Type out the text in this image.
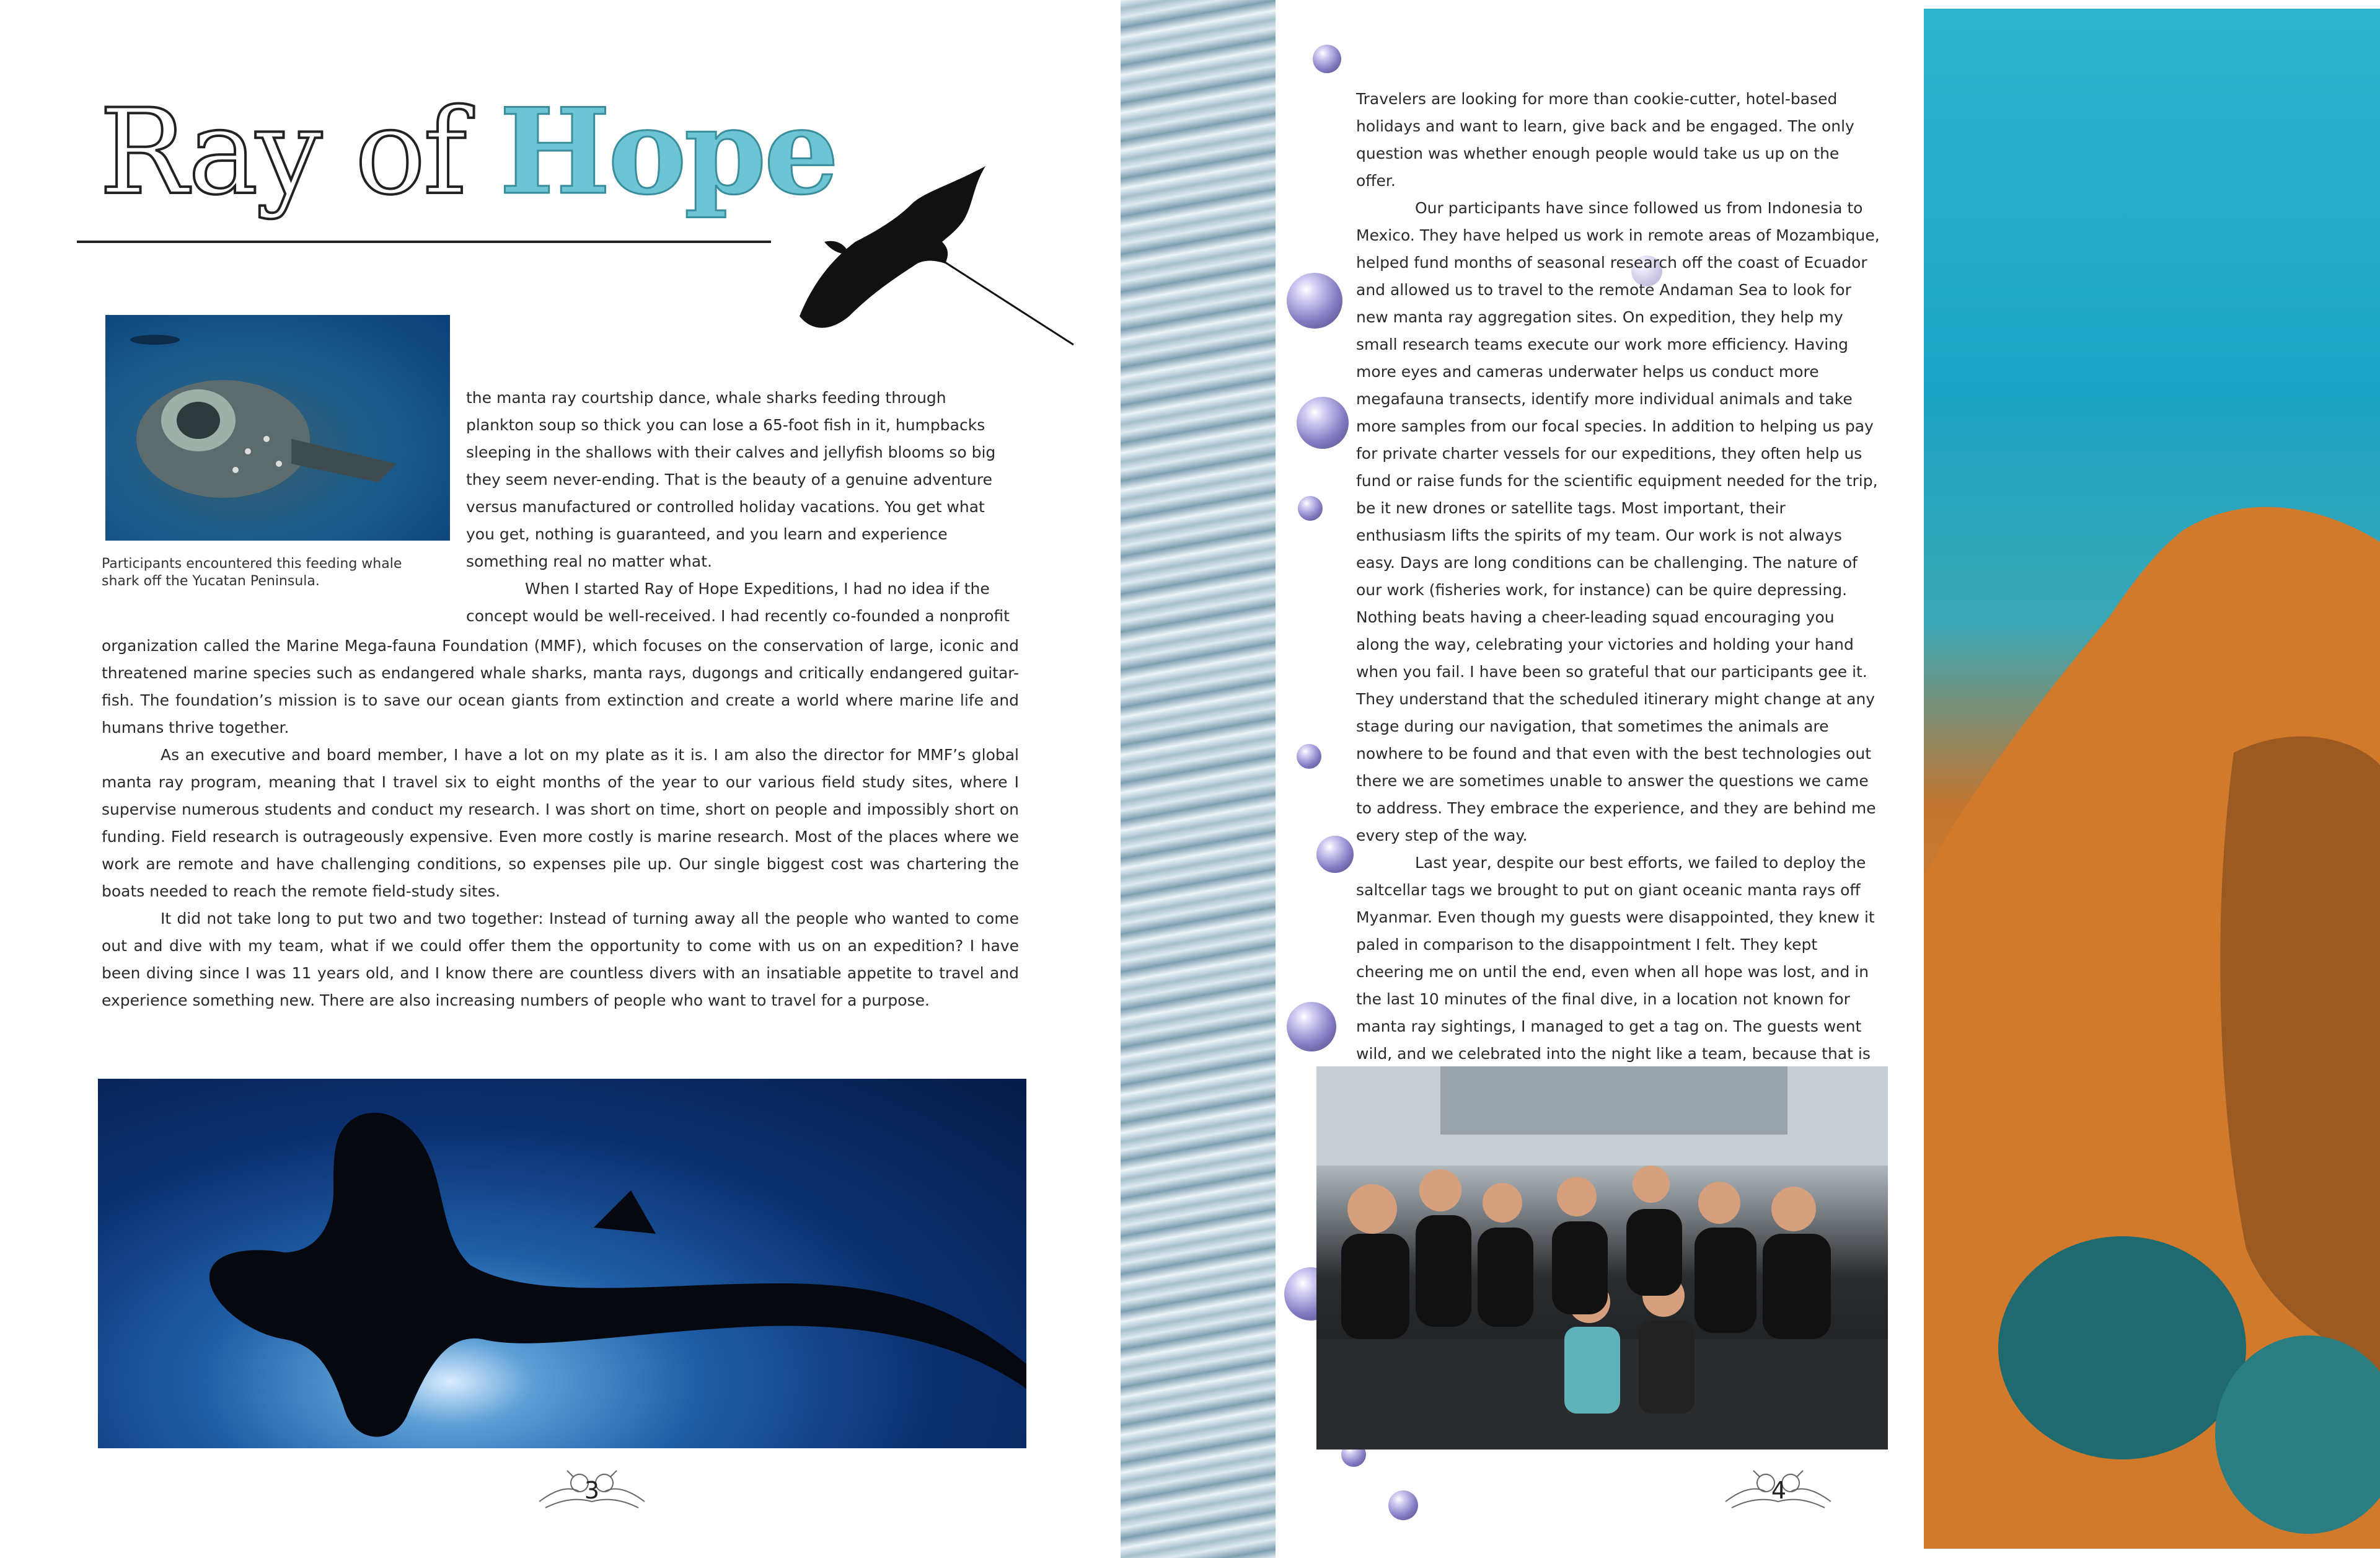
Ray of Hope
Participants encountered this feeding whale shark off the Yucatan Peninsula.

the manta ray courtship dance, whale sharks feeding through plankton soup so thick you can lose a 65-foot fish in it, humpbacks sleeping in the shallows with their calves and jellyfish blooms so big they seem never-ending. That is the beauty of a genuine adventure versus manufactured or controlled holiday vacations. You get what you get, nothing is guaranteed, and you learn and experience something real no matter what.

When I started Ray of Hope Expeditions, I had no idea if the concept would be well-received. I had recently co-founded a nonprofit

organization called the Marine Mega-fauna Foundation (MMF), which focuses on the conservation of large, iconic and threatened marine species such as endangered whale sharks, manta rays, dugongs and critically endangered guitar-fish. The foundation’s mission is to save our ocean giants from extinction and create a world where marine life and humans thrive together.

As an executive and board member, I have a lot on my plate as it is. I am also the director for MMF’s global manta ray program, meaning that I travel six to eight months of the year to our various field study sites, where I supervise numerous students and conduct my research. I was short on time, short on people and impossibly short on funding. Field research is outrageously expensive. Even more costly is marine research. Most of the places where we work are remote and have challenging conditions, so expenses pile up. Our single biggest cost was chartering the boats needed to reach the remote field-study sites.

It did not take long to put two and two together: Instead of turning away all the people who wanted to come out and dive with my team, what if we could offer them the opportunity to come with us on an expedition? I have been diving since I was 11 years old, and I know there are countless divers with an insatiable appetite to travel and experience something new. There are also increasing numbers of people who want to travel for a purpose.

3

Travelers are looking for more than cookie-cutter, hotel-based holidays and want to learn, give back and be engaged. The only question was whether enough people would take us up on the offer.

Our participants have since followed us from Indonesia to Mexico. They have helped us work in remote areas of Mozambique, helped fund months of seasonal research off the coast of Ecuador and allowed us to travel to the remote Andaman Sea to look for new manta ray aggregation sites. On expedition, they help my small research teams execute our work more efficiency. Having more eyes and cameras underwater helps us conduct more megafauna transects, identify more individual animals and take more samples from our focal species. In addition to helping us pay for private charter vessels for our expeditions, they often help us fund or raise funds for the scientific equipment needed for the trip, be it new drones or satellite tags. Most important, their enthusiasm lifts the spirits of my team. Our work is not always easy. Days are long conditions can be challenging. The nature of our work (fisheries work, for instance) can be quire depressing. Nothing beats having a cheer-leading squad encouraging you along the way, celebrating your victories and holding your hand when you fail. I have been so grateful that our participants gee it. They understand that the scheduled itinerary might change at any stage during our navigation, that sometimes the animals are nowhere to be found and that even with the best technologies out there we are sometimes unable to answer the questions we came to address. They embrace the experience, and they are behind me every step of the way.

Last year, despite our best efforts, we failed to deploy the saltcellar tags we brought to put on giant oceanic manta rays off Myanmar. Even though my guests were disappointed, they knew it paled in comparison to the disappointment I felt. They kept cheering me on until the end, even when all hope was lost, and in the last 10 minutes of the final dive, in a location not known for manta ray sightings, I managed to get a tag on. The guests went wild, and we celebrated into the night like a team, because that is

4
